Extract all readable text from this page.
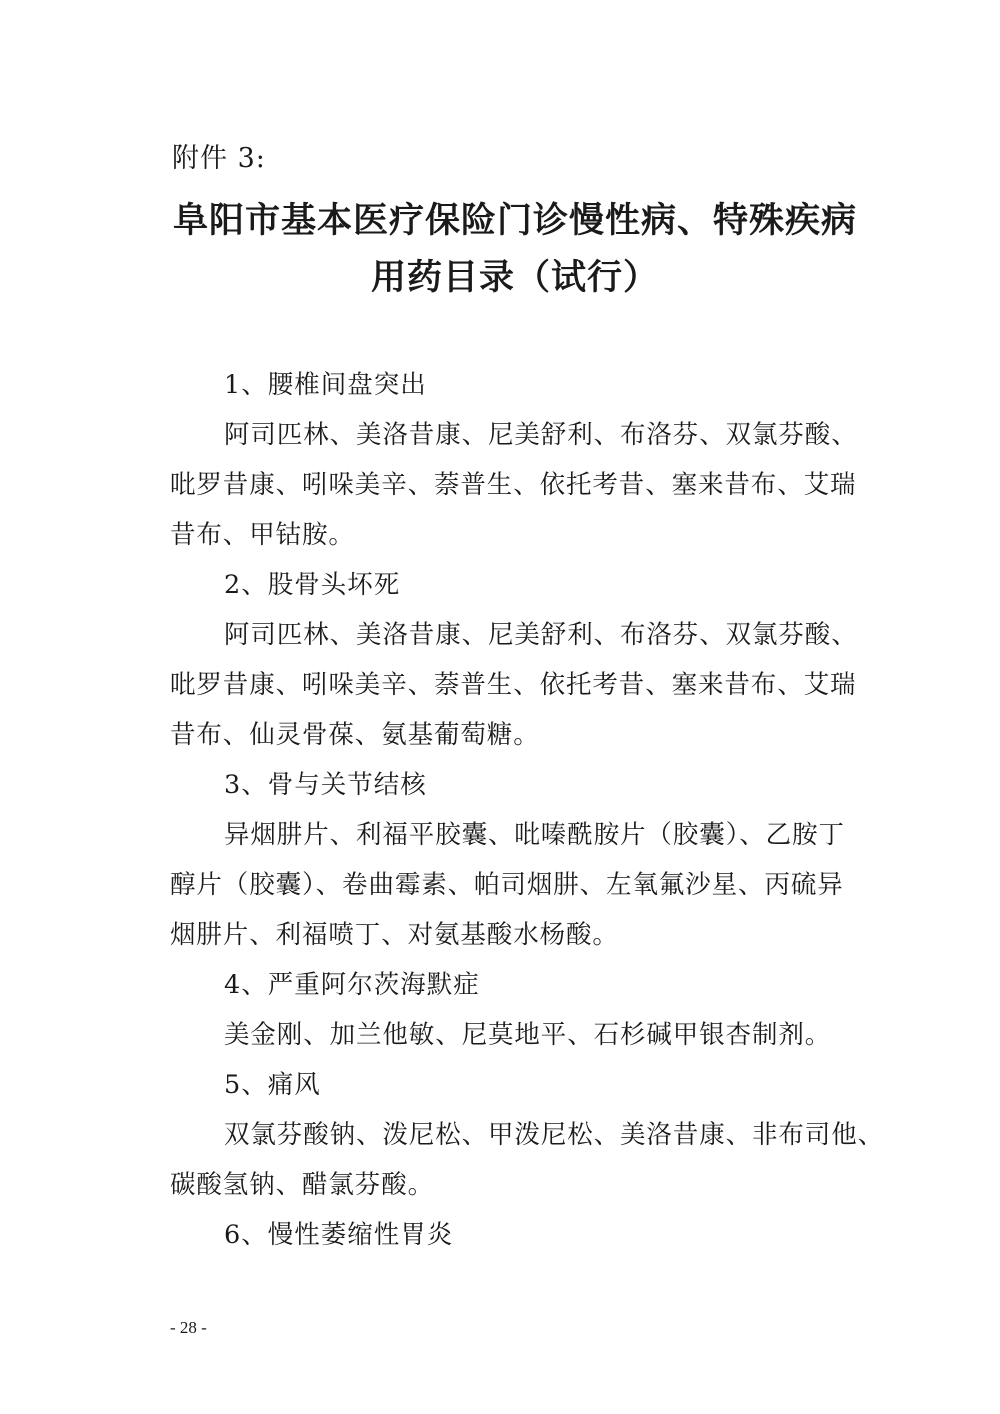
附件 3:
阜阳市基本医疗保险门诊慢性病、特殊疾病
用药目录（试行）
1、腰椎间盘突出
阿司匹林、美洛昔康、尼美舒利、布洛芬、双氯芬酸、
吡罗昔康、吲哚美辛、萘普生、依托考昔、塞来昔布、艾瑞
昔布、甲钴胺。
2、股骨头坏死
阿司匹林、美洛昔康、尼美舒利、布洛芬、双氯芬酸、
吡罗昔康、吲哚美辛、萘普生、依托考昔、塞来昔布、艾瑞
昔布、仙灵骨葆、氨基葡萄糖。
3、骨与关节结核
异烟肼片、利福平胶囊、吡嗪酰胺片（胶囊）、乙胺丁
醇片（胶囊）、卷曲霉素、帕司烟肼、左氧氟沙星、丙硫异
烟肼片、利福喷丁、对氨基酸水杨酸。
4、严重阿尔茨海默症
美金刚、加兰他敏、尼莫地平、石杉碱甲银杏制剂。
5、痛风
双氯芬酸钠、泼尼松、甲泼尼松、美洛昔康、非布司他、
碳酸氢钠、醋氯芬酸。
6、慢性萎缩性胃炎
- 28 -
